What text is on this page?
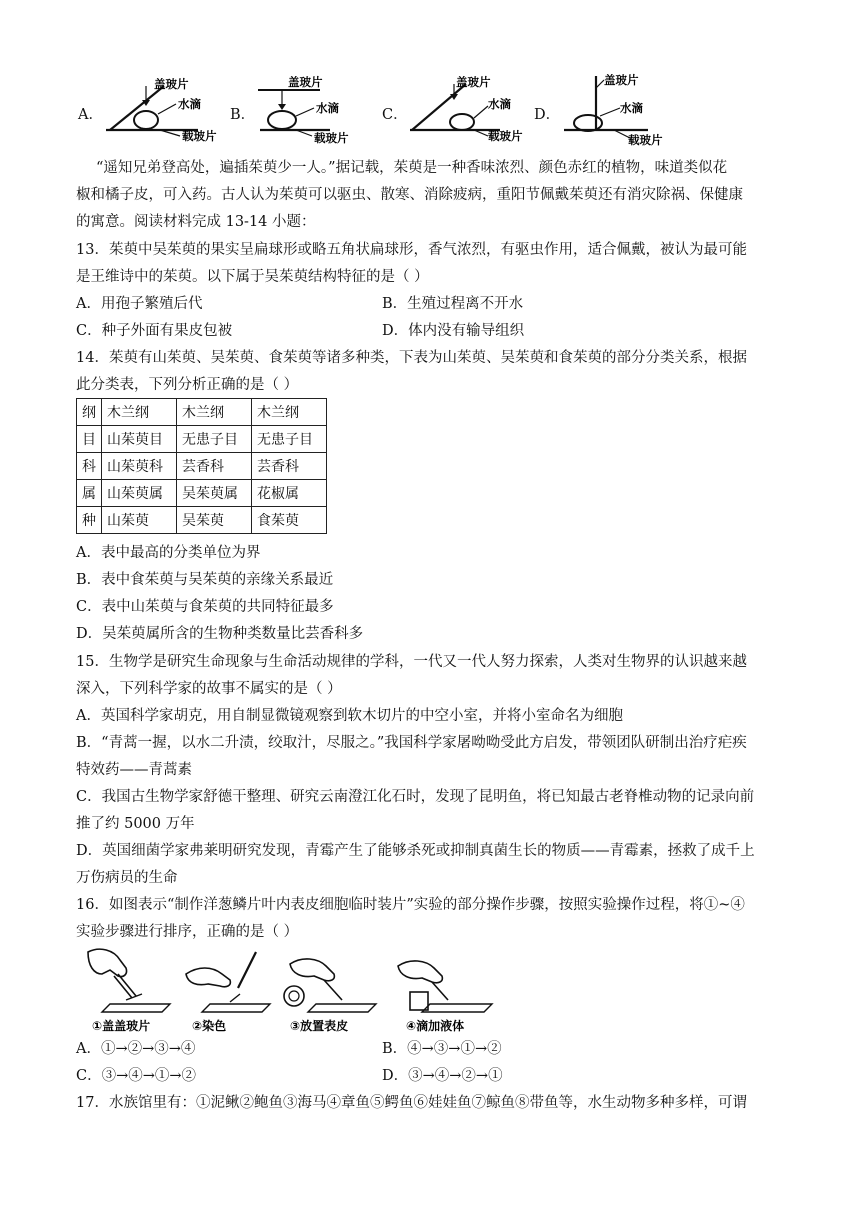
A．
盖玻片
水滴
载玻片
B．
盖玻片
水滴
载玻片
C．
盖玻片
水滴
载玻片
D．
盖玻片
水滴
载玻片
“遥知兄弟登高处，遍插茱萸少一人。”据记载，茱萸是一种香味浓烈、颜色赤红的植物，味道类似花
椒和橘子皮，可入药。古人认为茱萸可以驱虫、散寒、消除疲病，重阳节佩戴茱萸还有消灾除祸、保健康
的寓意。阅读材料完成 13-14 小题：
13．茱萸中吴茱萸的果实呈扁球形或略五角状扁球形，香气浓烈，有驱虫作用，适合佩戴，被认为最可能
是王维诗中的茱萸。以下属于吴茱萸结构特征的是（ ）
A．用孢子繁殖后代	B．生殖过程离不开水
C．种子外面有果皮包被	D．体内没有输导组织
14．茱萸有山茱萸、吴茱萸、食茱萸等诸多种类，下表为山茱萸、吴茱萸和食茱萸的部分分类关系，根据
此分类表，下列分析正确的是（ ）
纲	木兰纲	木兰纲	木兰纲
目	山茱萸目	无患子目	无患子目
科	山茱萸科	芸香科	芸香科
属	山茱萸属	吴茱萸属	花椒属
种	山茱萸	吴茱萸	食茱萸
A．表中最高的分类单位为界
B．表中食茱萸与吴茱萸的亲缘关系最近
C．表中山茱萸与食茱萸的共同特征最多
D．吴茱萸属所含的生物种类数量比芸香科多
15．生物学是研究生命现象与生命活动规律的学科，一代又一代人努力探索，人类对生物界的认识越来越
深入，下列科学家的故事不属实的是（ ）
A．英国科学家胡克，用自制显微镜观察到软木切片的中空小室，并将小室命名为细胞
B．“青蒿一握，以水二升渍，绞取汁，尽服之。”我国科学家屠呦呦受此方启发，带领团队研制出治疗疟疾
特效药——青蒿素
C．我国古生物学家舒德干整理、研究云南澄江化石时，发现了昆明鱼，将已知最古老脊椎动物的记录向前
推了约 5000 万年
D．英国细菌学家弗莱明研究发现，青霉产生了能够杀死或抑制真菌生长的物质——青霉素，拯救了成千上
万伤病员的生命
16．如图表示“制作洋葱鳞片叶内表皮细胞临时装片”实验的部分操作步骤，按照实验操作过程，将①~④
实验步骤进行排序，正确的是（ ）
①盖盖玻片	②染色	③放置表皮	④滴加液体
A．①→②→③→④	B．④→③→①→②
C．③→④→①→②	D．③→④→②→①
17．水族馆里有：①泥鳅②鲍鱼③海马④章鱼⑤鳄鱼⑥娃娃鱼⑦鲸鱼⑧带鱼等，水生动物多种多样，可谓
